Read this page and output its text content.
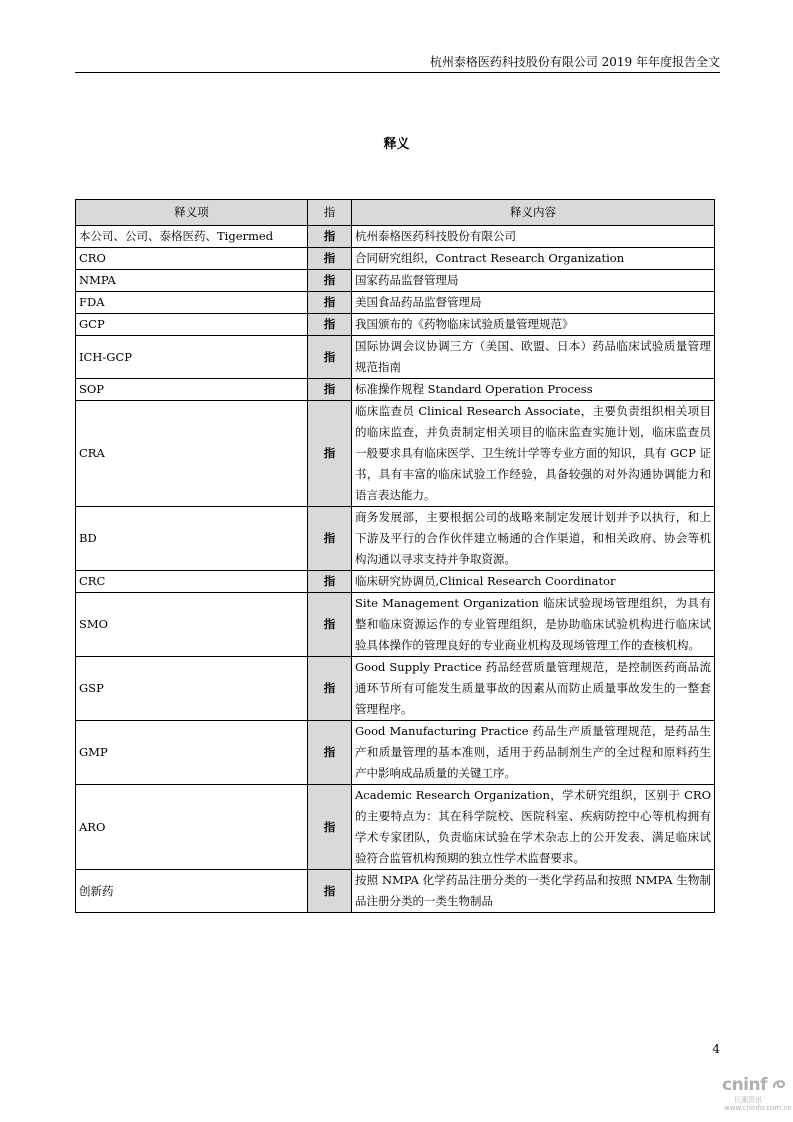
杭州泰格医药科技股份有限公司 2019 年年度报告全文
释义
释义项	指	释义内容
本公司、公司、泰格医药、Tigermed	指	杭州泰格医药科技股份有限公司
CRO	指	合同研究组织，Contract Research Organization
NMPA	指	国家药品监督管理局
FDA	指	美国食品药品监督管理局
GCP	指	我国颁布的《药物临床试验质量管理规范》
ICH-GCP	指	国际协调会议协调三方（美国、欧盟、日本）药品临床试验质量管理规范指南
SOP	指	标准操作规程 Standard Operation Process
CRA	指	临床监查员 Clinical Research Associate，主要负责组织相关项目的临床监查，并负责制定相关项目的临床监查实施计划，临床监查员一般要求具有临床医学、卫生统计学等专业方面的知识，具有 GCP 证书，具有丰富的临床试验工作经验，具备较强的对外沟通协调能力和语言表达能力。
BD	指	商务发展部，主要根据公司的战略来制定发展计划并予以执行，和上下游及平行的合作伙伴建立畅通的合作渠道，和相关政府、协会等机构沟通以寻求支持并争取资源。
CRC	指	临床研究协调员,Clinical Research Coordinator
SMO	指	Site Management Organization 临床试验现场管理组织，为具有整和临床资源运作的专业管理组织，是协助临床试验机构进行临床试验具体操作的管理良好的专业商业机构及现场管理工作的查核机构。
GSP	指	Good Supply Practice 药品经营质量管理规范，是控制医药商品流通环节所有可能发生质量事故的因素从而防止质量事故发生的一整套管理程序。
GMP	指	Good Manufacturing Practice 药品生产质量管理规范，是药品生产和质量管理的基本准则，适用于药品制剂生产的全过程和原料药生产中影响成品质量的关键工序。
ARO	指	Academic Research Organization，学术研究组织，区别于 CRO 的主要特点为：其在科学院校、医院科室、疾病防控中心等机构拥有学术专家团队，负责临床试验在学术杂志上的公开发表、满足临床试验符合监管机构预期的独立性学术监督要求。
创新药	指	按照 NMPA 化学药品注册分类的一类化学药品和按照 NMPA 生物制品注册分类的一类生物制品
4
cninf
巨潮资讯
www.cninfo.com.cn
